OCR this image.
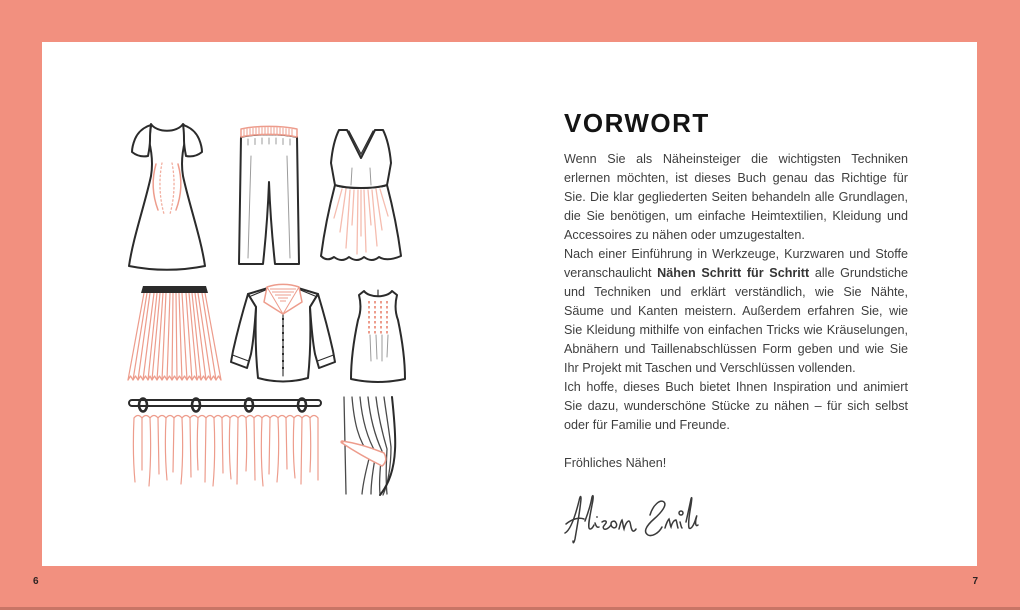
VORWORT

Wenn Sie als Näheinsteiger die wichtigsten Techniken erlernen möchten, ist dieses Buch genau das Richtige für Sie. Die klar gegliederten Seiten behandeln alle Grundlagen, die Sie benötigen, um einfache Heimtextilien, Kleidung und Accessoires zu nähen oder umzugestalten.

Nach einer Einführung in Werkzeuge, Kurzwaren und Stoffe veranschaulicht Nähen Schritt für Schritt alle Grundstiche und Techniken und erklärt verständlich, wie Sie Nähte, Säume und Kanten meistern. Außerdem erfahren Sie, wie Sie Kleidung mithilfe von einfachen Tricks wie Kräuselungen, Abnähern und Taillenabschlüssen Form geben und wie Sie Ihr Projekt mit Taschen und Verschlüssen vollenden.

Ich hoffe, dieses Buch bietet Ihnen Inspiration und animiert Sie dazu, wunderschöne Stücke zu nähen – für sich selbst oder für Familie und Freunde.

Fröhliches Nähen!

6	7
